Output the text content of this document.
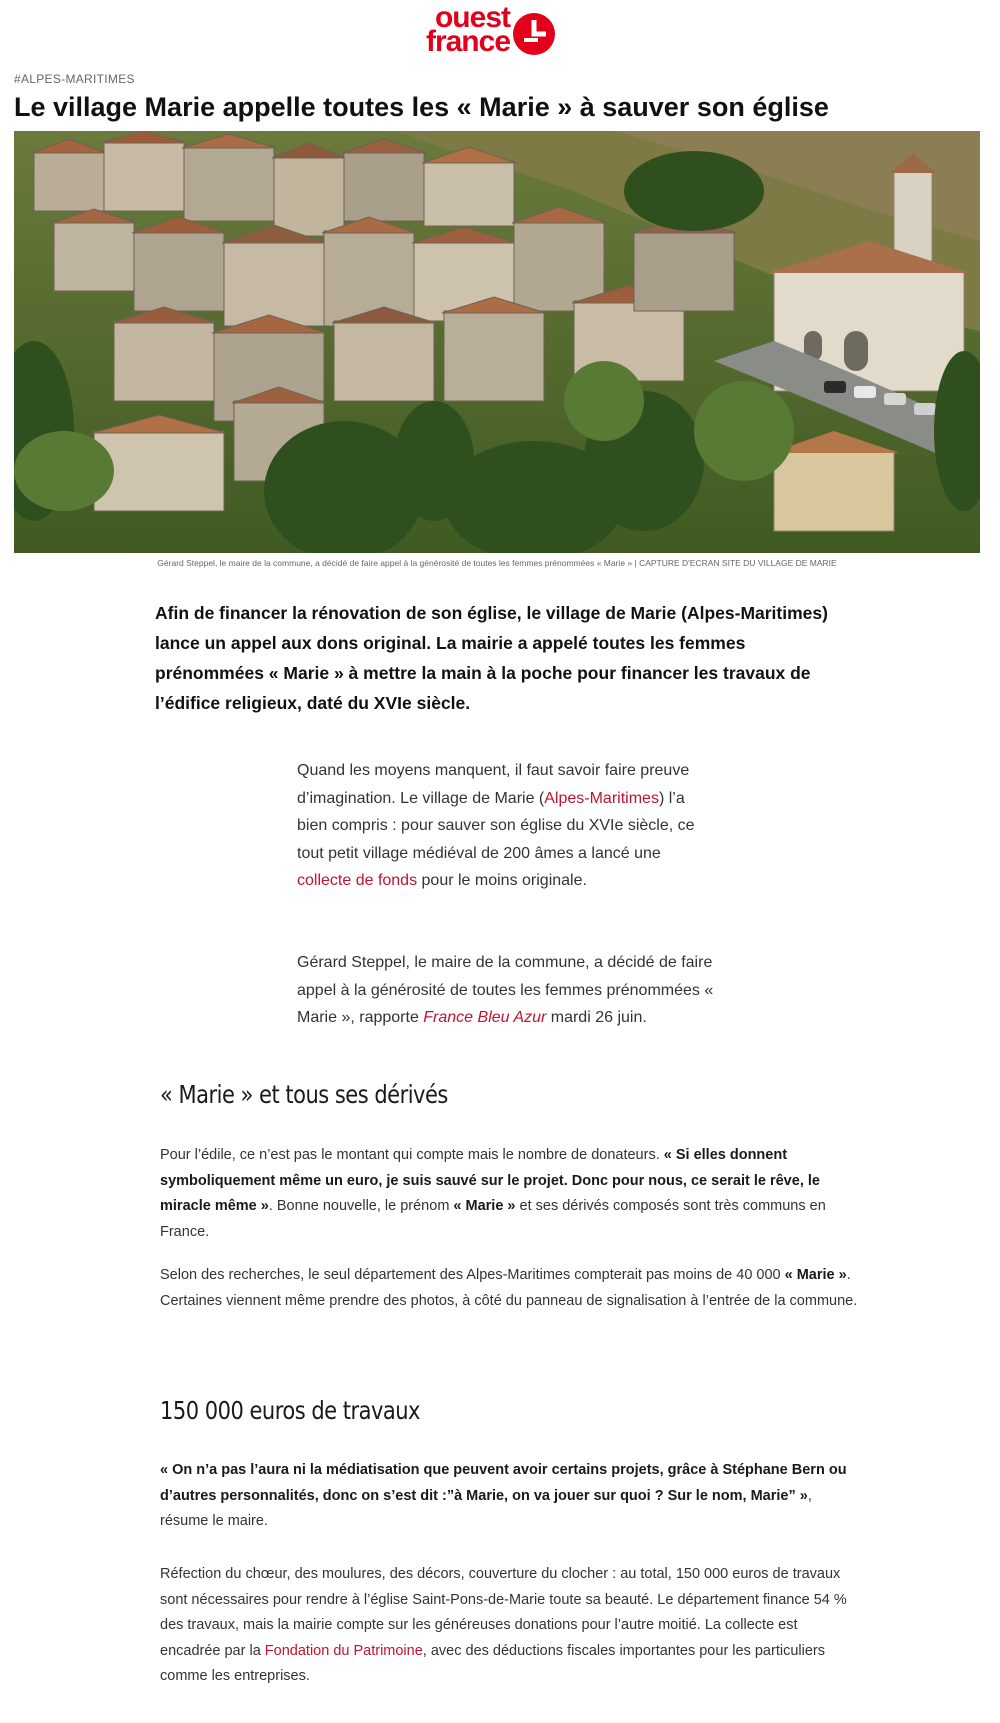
ouest
france
#ALPES-MARITIMES
Le village Marie appelle toutes les « Marie » à sauver son église
Gérard Steppel, le maire de la commune, a décidé de faire appel à la générosité de toutes les femmes prénommées « Marie » | CAPTURE D'ECRAN SITE DU VILLAGE DE MARIE
Afin de financer la rénovation de son église, le village de Marie (Alpes-Maritimes) lance un appel aux dons original. La mairie a appelé toutes les femmes prénommées « Marie » à mettre la main à la poche pour financer les travaux de l’édifice religieux, daté du XVIe siècle.

Quand les moyens manquent, il faut savoir faire preuve d’imagination. Le village de Marie (Alpes-Maritimes) l’a bien compris : pour sauver son église du XVIe siècle, ce tout petit village médiéval de 200 âmes a lancé une collecte de fonds pour le moins originale.

Gérard Steppel, le maire de la commune, a décidé de faire appel à la générosité de toutes les femmes prénommées « Marie », rapporte France Bleu Azur mardi 26 juin.

« Marie » et tous ses dérivés

Pour l’édile, ce n’est pas le montant qui compte mais le nombre de donateurs. « Si elles donnent symboliquement même un euro, je suis sauvé sur le projet. Donc pour nous, ce serait le rêve, le miracle même ». Bonne nouvelle, le prénom « Marie » et ses dérivés composés sont très communs en France.

Selon des recherches, le seul département des Alpes-Maritimes compterait pas moins de 40 000 « Marie ». Certaines viennent même prendre des photos, à côté du panneau de signalisation à l’entrée de la commune.

150 000 euros de travaux

« On n’a pas l’aura ni la médiatisation que peuvent avoir certains projets, grâce à Stéphane Bern ou d’autres personnalités, donc on s’est dit :”à Marie, on va jouer sur quoi ? Sur le nom, Marie” », résume le maire.

Réfection du chœur, des moulures, des décors, couverture du clocher : au total, 150 000 euros de travaux sont nécessaires pour rendre à l’église Saint-Pons-de-Marie toute sa beauté. Le département finance 54 % des travaux, mais la mairie compte sur les généreuses donations pour l’autre moitié. La collecte est encadrée par la Fondation du Patrimoine, avec des déductions fiscales importantes pour les particuliers comme les entreprises.
